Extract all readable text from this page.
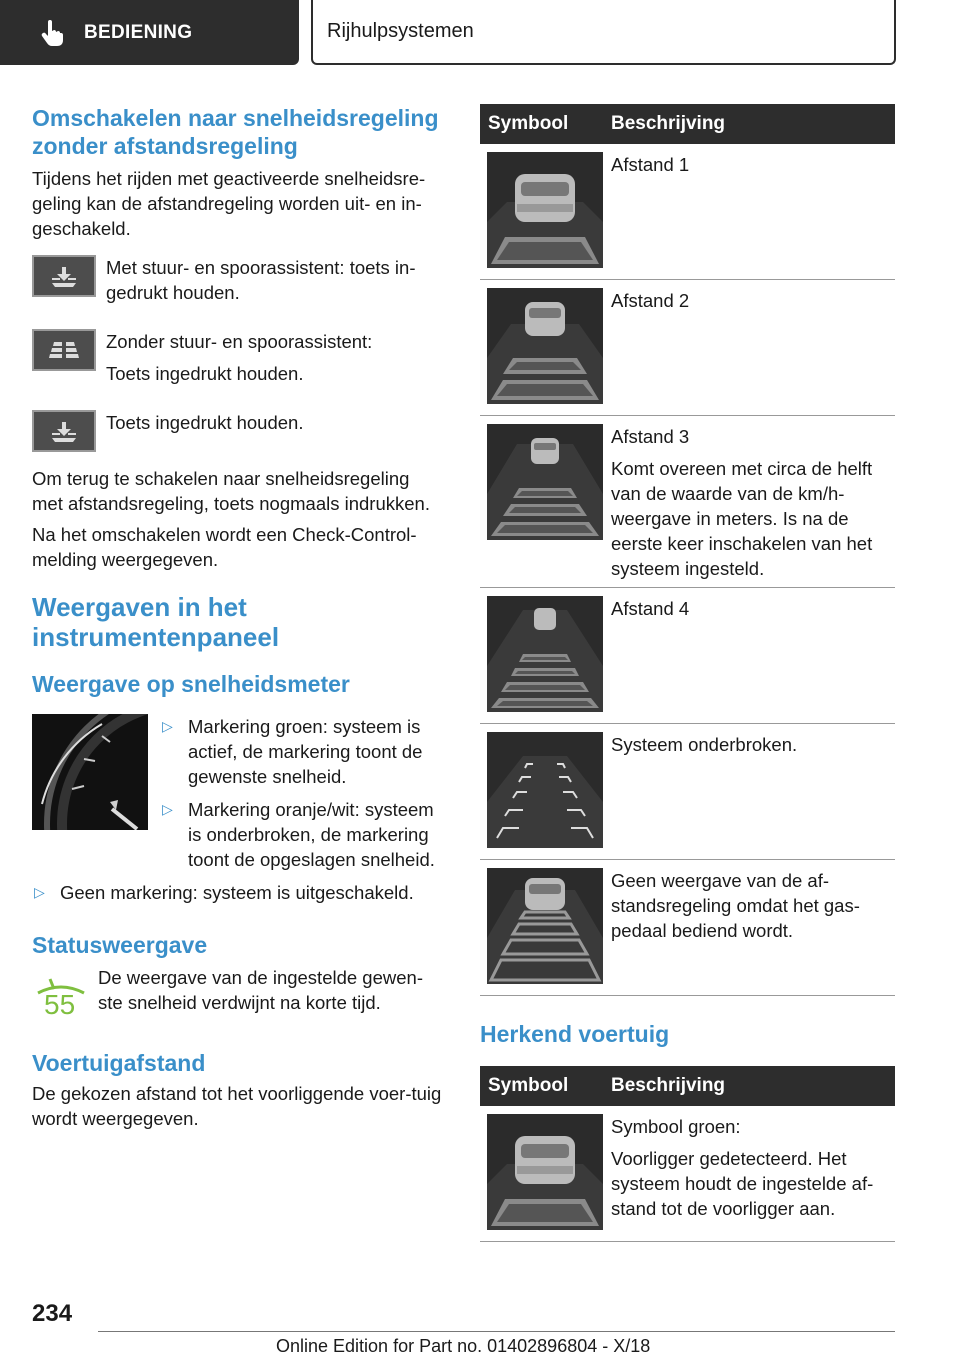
BEDIENING	Rijhulpsystemen
Omschakelen naar snelheidsregeling zonder afstandsregeling

Tijdens het rijden met geactiveerde snelheidsre-geling kan de afstandregeling worden uit- en in-geschakeld.

Met stuur- en spoorassistent: toets in-gedrukt houden.

Zonder stuur- en spoorassistent:

Toets ingedrukt houden.

Toets ingedrukt houden.

Om terug te schakelen naar snelheidsregeling met afstandsregeling, toets nogmaals indrukken.

Na het omschakelen wordt een Check-Control-melding weergegeven.

Weergaven in het instrumentenpaneel
Weergave op snelheidsmeter
▷ Markering groen: systeem is actief, de markering toont de gewenste snelheid.
▷ Markering oranje/wit: systeem is onderbroken, de markering toont de opgeslagen snelheid.
▷ Geen markering: systeem is uitgeschakeld.
Statusweergave
55

De weergave van de ingestelde gewen-ste snelheid verdwijnt na korte tijd.

Voertuigafstand

De gekozen afstand tot het voorliggende voer-tuig wordt weergegeven.

Symbool	Beschrijving

Afstand 1

Afstand 2

Afstand 3

Komt overeen met circa de helft van de waarde van de km/h-weergave in meters. Is na de eerste keer inschakelen van het systeem ingesteld.

Afstand 4

Systeem onderbroken.

Geen weergave van de af-standsregeling omdat het gas-pedaal bediend wordt.

Herkend voertuig
Symbool	Beschrijving

Symbool groen:

Voorligger gedetecteerd. Het systeem houdt de ingestelde af-stand tot de voorligger aan.

234
Online Edition for Part no. 01402896804 - X/18
